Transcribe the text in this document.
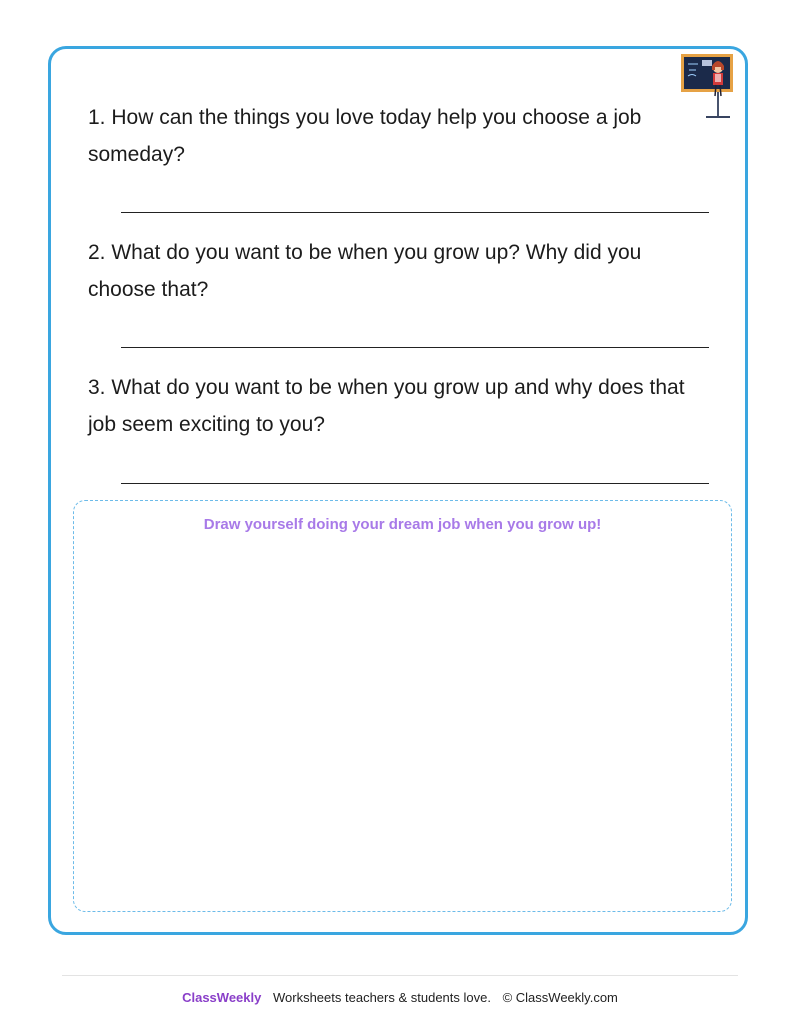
1. How can the things you love today help you choose a job someday?
2. What do you want to be when you grow up? Why did you choose that?
3. What do you want to be when you grow up and why does that job seem exciting to you?
Draw yourself doing your dream job when you grow up!
ClassWeekly Worksheets teachers & students love. © ClassWeekly.com
